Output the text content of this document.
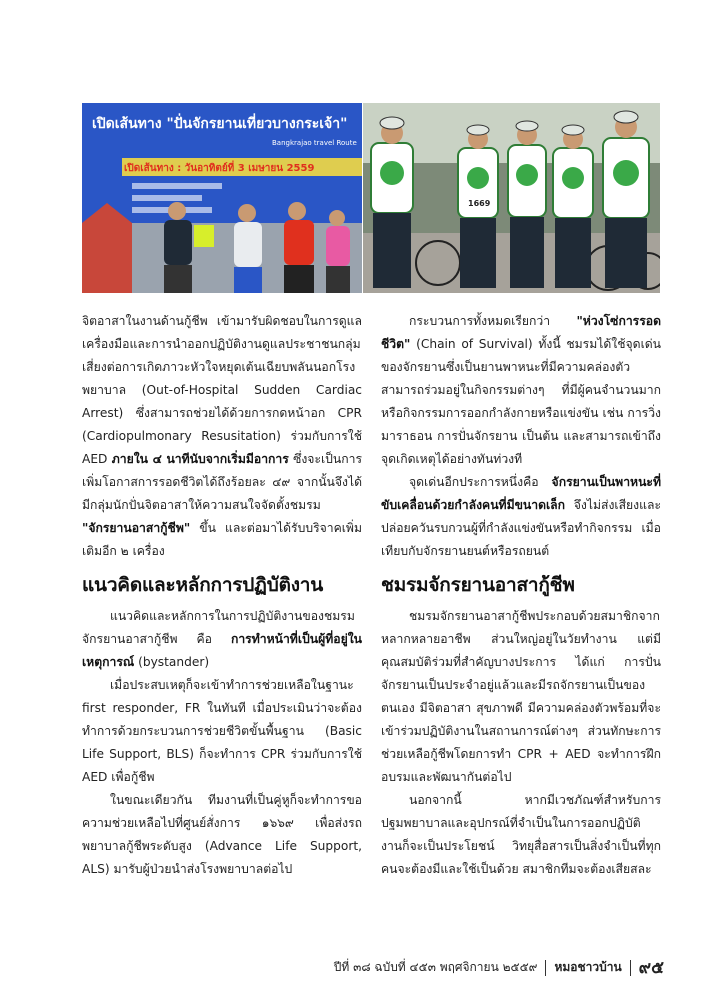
เปิดเส้นทาง "ปั่นจักรยานเที่ยวบางกระเจ้า"
Bangkrajao travel Route
เปิดเส้นทาง : วันอาทิตย์ที่ 3 เมษายน 2559
1669

จิตอาสาในงานด้านกู้ชีพ เข้ามารับผิดชอบในการดูแลเครื่องมือและการนำออกปฏิบัติงานดูแลประชาชนกลุ่มเสี่ยงต่อการเกิดภาวะหัวใจหยุดเต้นเฉียบพลันนอกโรงพยาบาล (Out-of-Hospital Sudden Cardiac Arrest) ซึ่งสามารถช่วยได้ด้วยการกดหน้าอก CPR (Cardiopulmonary Resusitation) ร่วมกับการใช้ AED ภายใน ๔ นาทีนับจากเริ่มมีอาการ ซึ่งจะเป็นการเพิ่มโอกาสการรอดชีวิตได้ถึงร้อยละ ๔๙ จากนั้นจึงได้มีกลุ่มนักปั่นจิตอาสาให้ความสนใจจัดตั้งชมรม "จักรยานอาสากู้ชีพ" ขึ้น และต่อมาได้รับบริจาคเพิ่มเติมอีก ๒ เครื่อง

แนวคิดและหลักการปฏิบัติงาน

แนวคิดและหลักการในการปฏิบัติงานของชมรมจักรยานอาสากู้ชีพ คือ การทำหน้าที่เป็นผู้ที่อยู่ในเหตุการณ์ (bystander)

เมื่อประสบเหตุก็จะเข้าทำการช่วยเหลือในฐานะ first responder, FR ในทันที เมื่อประเมินว่าจะต้องทำการด้วยกระบวนการช่วยชีวิตขั้นพื้นฐาน (Basic Life Support, BLS) ก็จะทำการ CPR ร่วมกับการใช้ AED เพื่อกู้ชีพ

ในขณะเดียวกัน ทีมงานที่เป็นคู่หูก็จะทำการขอความช่วยเหลือไปที่ศูนย์สั่งการ ๑๖๖๙ เพื่อส่งรถพยาบาลกู้ชีพระดับสูง (Advance Life Support, ALS) มารับผู้ป่วยนำส่งโรงพยาบาลต่อไป

กระบวนการทั้งหมดเรียกว่า "ห่วงโซ่การรอดชีวิต" (Chain of Survival) ทั้งนี้ ชมรมได้ใช้จุดเด่นของจักรยานซึ่งเป็นยานพาหนะที่มีความคล่องตัว สามารถร่วมอยู่ในกิจกรรมต่างๆ ที่มีผู้คนจำนวนมากหรือกิจกรรมการออกกำลังกายหรือแข่งขัน เช่น การวิ่งมาราธอน การปั่นจักรยาน เป็นต้น และสามารถเข้าถึงจุดเกิดเหตุได้อย่างทันท่วงที

จุดเด่นอีกประการหนึ่งคือ จักรยานเป็นพาหนะที่ขับเคลื่อนด้วยกำลังคนที่มีขนาดเล็ก จึงไม่ส่งเสียงและปล่อยควันรบกวนผู้ที่กำลังแข่งขันหรือทำกิจกรรม เมื่อเทียบกับจักรยานยนต์หรือรถยนต์

ชมรมจักรยานอาสากู้ชีพ

ชมรมจักรยานอาสากู้ชีพประกอบด้วยสมาชิกจากหลากหลายอาชีพ ส่วนใหญ่อยู่ในวัยทำงาน แต่มีคุณสมบัติร่วมที่สำคัญบางประการ ได้แก่ การปั่นจักรยานเป็นประจำอยู่แล้วและมีรถจักรยานเป็นของตนเอง มีจิตอาสา สุขภาพดี มีความคล่องตัวพร้อมที่จะเข้าร่วมปฏิบัติงานในสถานการณ์ต่างๆ ส่วนทักษะการช่วยเหลือกู้ชีพโดยการทำ CPR + AED จะทำการฝึกอบรมและพัฒนากันต่อไป

นอกจากนี้ หากมีเวชภัณฑ์สำหรับการปฐมพยาบาลและอุปกรณ์ที่จำเป็นในการออกปฏิบัติงานก็จะเป็นประโยชน์ วิทยุสื่อสารเป็นสิ่งจำเป็นที่ทุกคนจะต้องมีและใช้เป็นด้วย สมาชิกทีมจะต้องเสียสละ

ปีที่ ๓๘ ฉบับที่ ๔๕๓ พฤศจิกายน ๒๕๕๙ หมอชาวบ้าน ๙๕
